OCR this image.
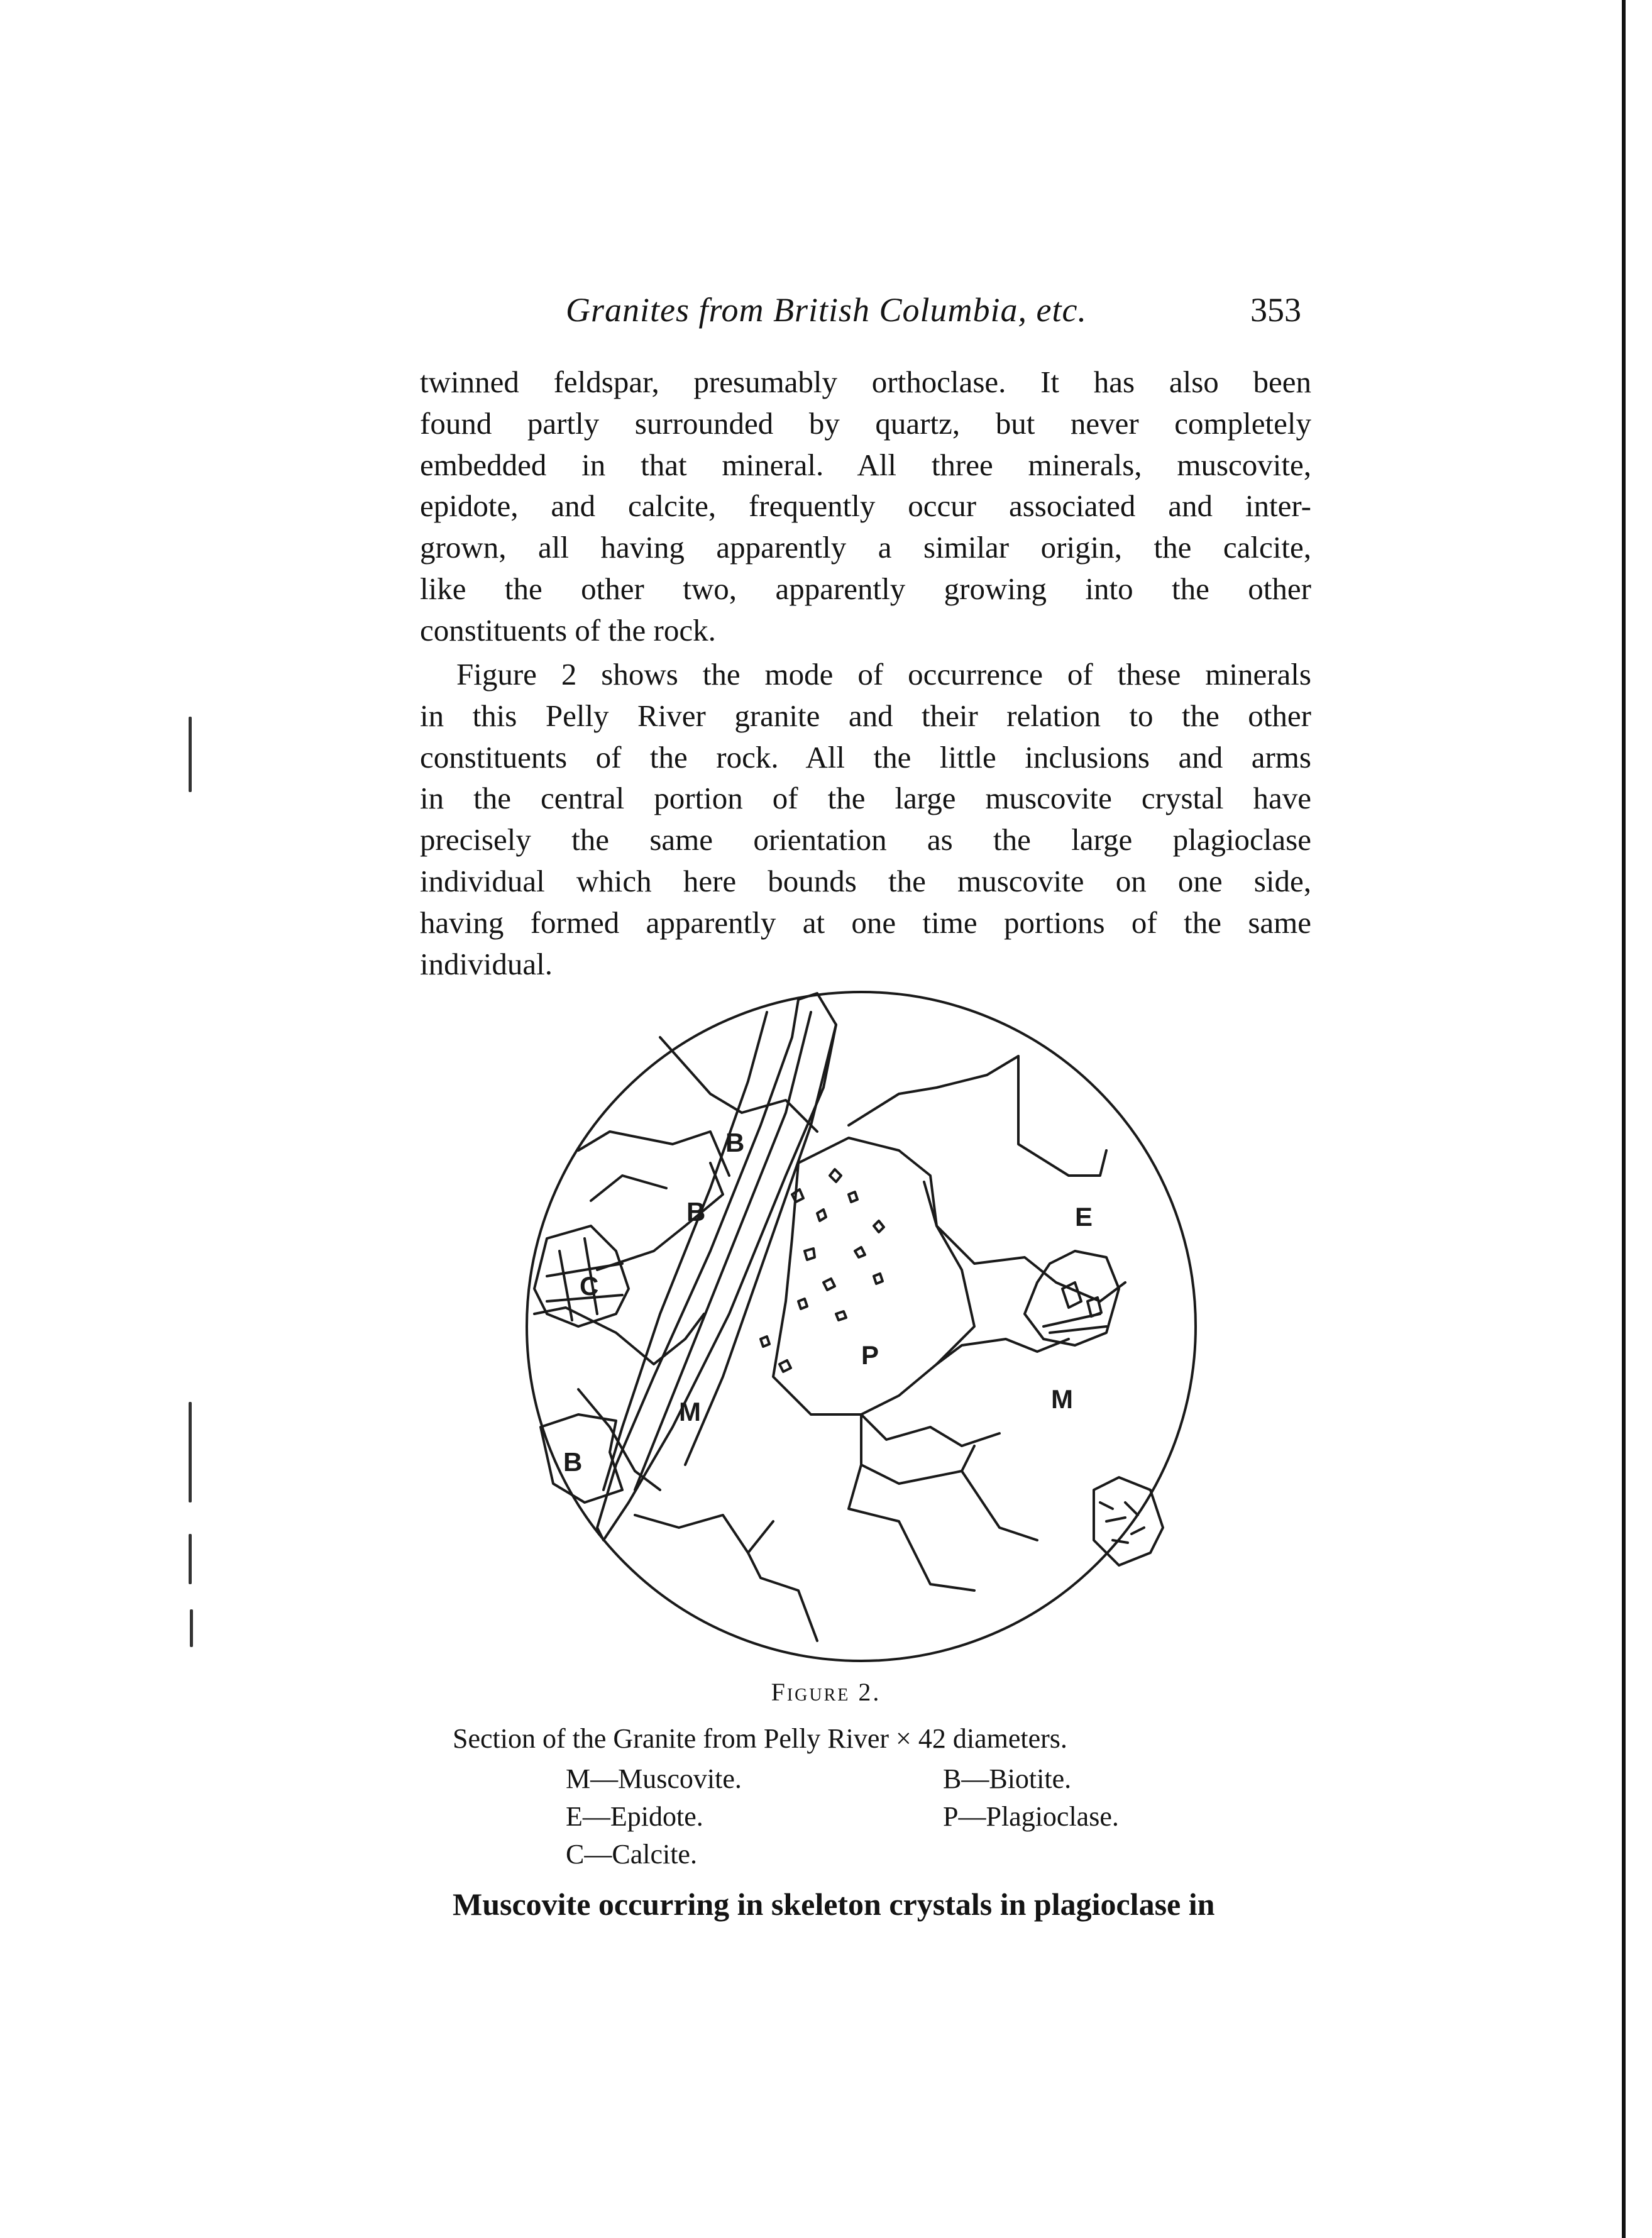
Granites from British Columbia, etc.	353
twinned feldspar, presumably orthoclase. It has also been
found partly surrounded by quartz, but never completely
embedded in that mineral. All three minerals, muscovite,
epidote, and calcite, frequently occur associated and inter-
grown, all having apparently a similar origin, the calcite,
like the other two, apparently growing into the other
constituents of the rock.
Figure 2 shows the mode of occurrence of these minerals
in this Pelly River granite and their relation to the other
constituents of the rock. All the little inclusions and arms
in the central portion of the large muscovite crystal have
precisely the same orientation as the large plagioclase
individual which here bounds the muscovite on one side,
having formed apparently at one time portions of the same
individual.
B
B
C
B
E
P
M	M
Figure 2.
Section of the Granite from Pelly River × 42 diameters.
M—Muscovite.
E—Epidote.
C—Calcite.
B—Biotite.
P—Plagioclase.
Muscovite occurring in skeleton crystals in plagioclase in
